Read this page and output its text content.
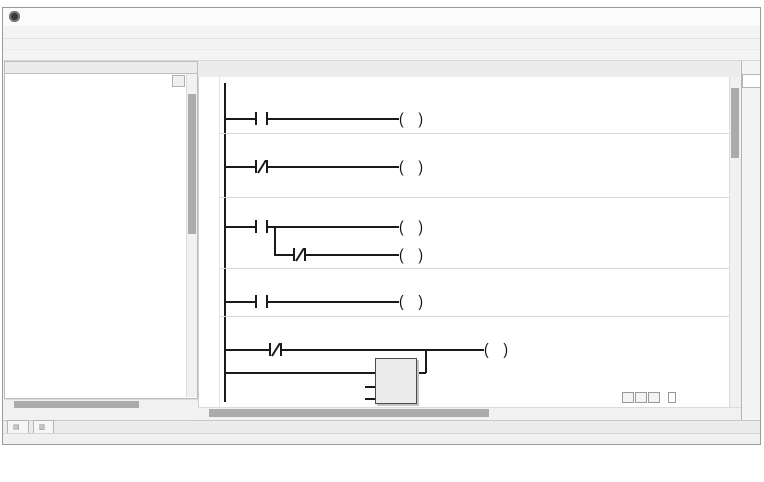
( )
( )
( )
( )
( )
( )
▤	▥
